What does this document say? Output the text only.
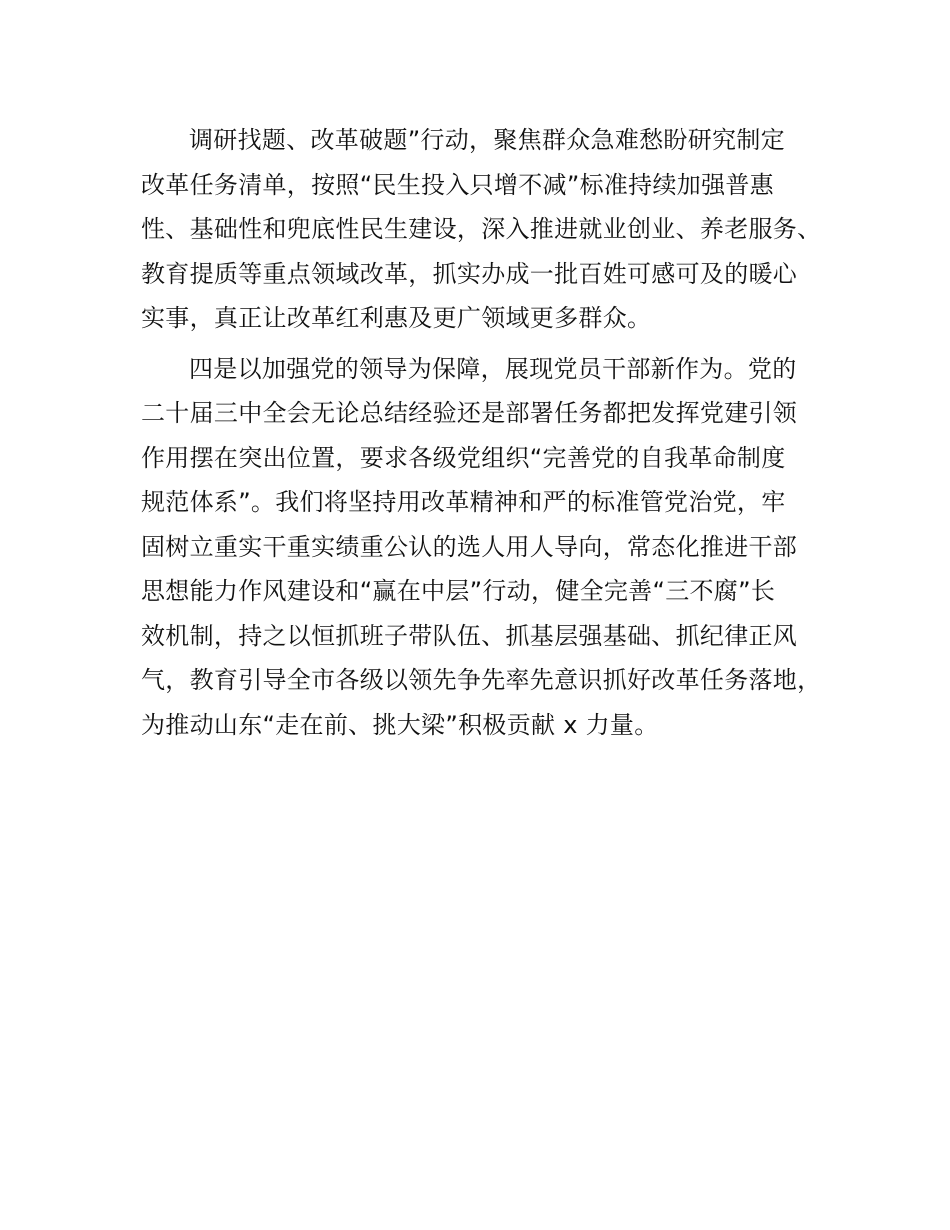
调研找题、改革破题”行动，聚焦群众急难愁盼研究制定
改革任务清单，按照“民生投入只增不减”标准持续加强普惠
性、基础性和兜底性民生建设，深入推进就业创业、养老服务、
教育提质等重点领域改革，抓实办成一批百姓可感可及的暖心
实事，真正让改革红利惠及更广领域更多群众。
四是以加强党的领导为保障，展现党员干部新作为。党的
二十届三中全会无论总结经验还是部署任务都把发挥党建引领
作用摆在突出位置，要求各级党组织“完善党的自我革命制度
规范体系”。我们将坚持用改革精神和严的标准管党治党，牢
固树立重实干重实绩重公认的选人用人导向，常态化推进干部
思想能力作风建设和“赢在中层”行动，健全完善“三不腐”长
效机制，持之以恒抓班子带队伍、抓基层强基础、抓纪律正风
气，教育引导全市各级以领先争先率先意识抓好改革任务落地，
为推动山东“走在前、挑大梁”积极贡献 x 力量。
